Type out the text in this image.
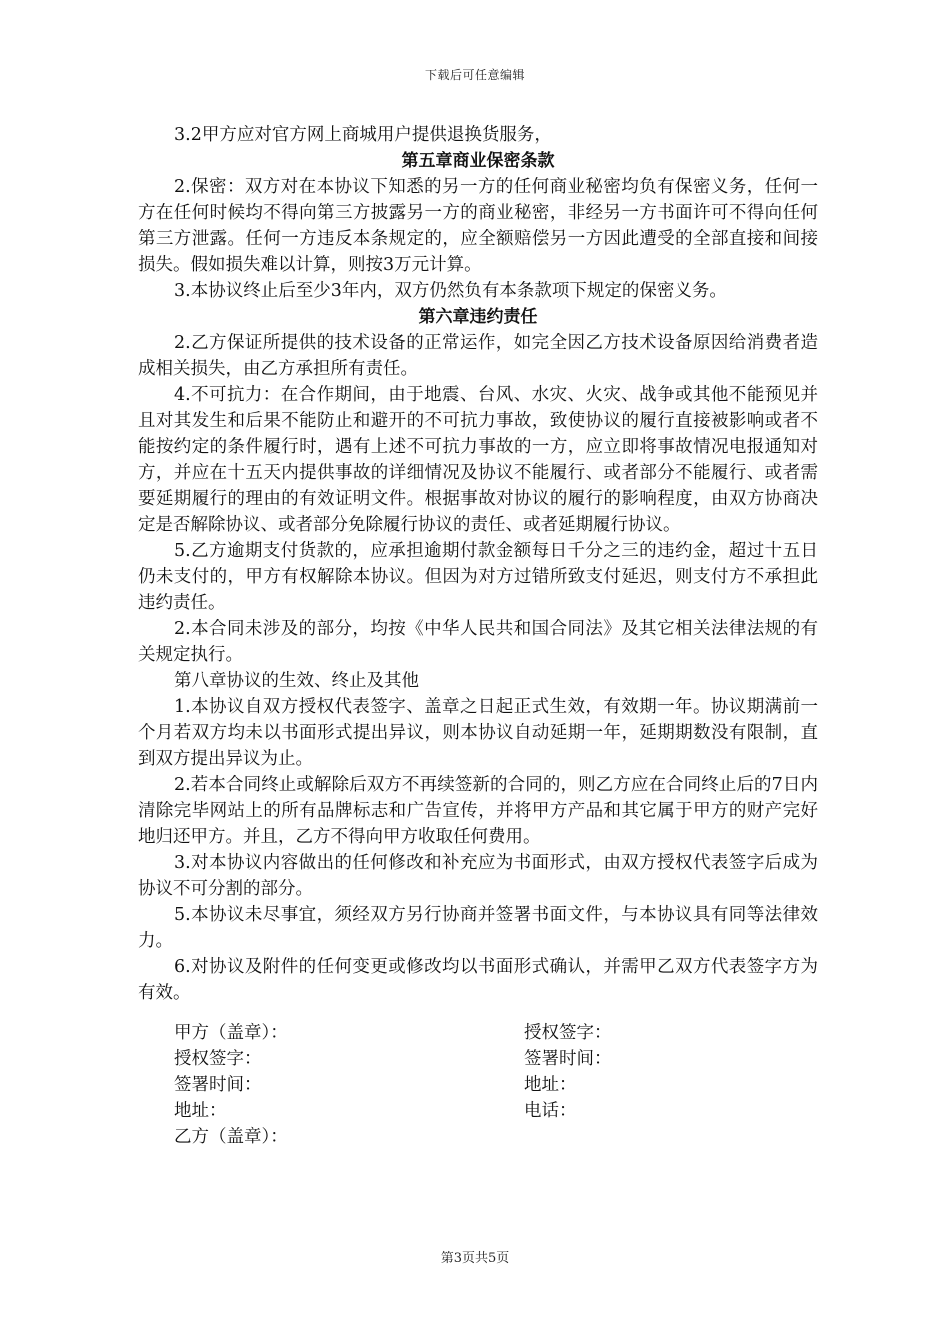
下载后可任意编辑

3.2甲方应对官方网上商城用户提供退换货服务，

第五章商业保密条款

2.保密：双方对在本协议下知悉的另一方的任何商业秘密均负有保密义务，任何一方在任何时候均不得向第三方披露另一方的商业秘密，非经另一方书面许可不得向任何第三方泄露。任何一方违反本条规定的，应全额赔偿另一方因此遭受的全部直接和间接损失。假如损失难以计算，则按3万元计算。

3.本协议终止后至少3年内，双方仍然负有本条款项下规定的保密义务。

第六章违约责任

2.乙方保证所提供的技术设备的正常运作，如完全因乙方技术设备原因给消费者造成相关损失，由乙方承担所有责任。

4.不可抗力：在合作期间，由于地震、台风、水灾、火灾、战争或其他不能预见并且对其发生和后果不能防止和避开的不可抗力事故，致使协议的履行直接被影响或者不能按约定的条件履行时，遇有上述不可抗力事故的一方，应立即将事故情况电报通知对方，并应在十五天内提供事故的详细情况及协议不能履行、或者部分不能履行、或者需要延期履行的理由的有效证明文件。根据事故对协议的履行的影响程度，由双方协商决定是否解除协议、或者部分免除履行协议的责任、或者延期履行协议。

5.乙方逾期支付货款的，应承担逾期付款金额每日千分之三的违约金，超过十五日仍未支付的，甲方有权解除本协议。但因为对方过错所致支付延迟，则支付方不承担此违约责任。

2.本合同未涉及的部分，均按《中华人民共和国合同法》及其它相关法律法规的有关规定执行。

第八章协议的生效、终止及其他

1.本协议自双方授权代表签字、盖章之日起正式生效，有效期一年。协议期满前一个月若双方均未以书面形式提出异议，则本协议自动延期一年，延期期数没有限制，直到双方提出异议为止。

2.若本合同终止或解除后双方不再续签新的合同的，则乙方应在合同终止后的7日内清除完毕网站上的所有品牌标志和广告宣传，并将甲方产品和其它属于甲方的财产完好地归还甲方。并且，乙方不得向甲方收取任何费用。

3.对本协议内容做出的任何修改和补充应为书面形式，由双方授权代表签字后成为协议不可分割的部分。

5.本协议未尽事宜，须经双方另行协商并签署书面文件，与本协议具有同等法律效力。

6.对协议及附件的任何变更或修改均以书面形式确认，并需甲乙双方代表签字方为有效。

甲方（盖章）：

授权签字：

签署时间：

地址：

乙方（盖章）：

授权签字：

签署时间：

地址：

电话：

第3页共5页
